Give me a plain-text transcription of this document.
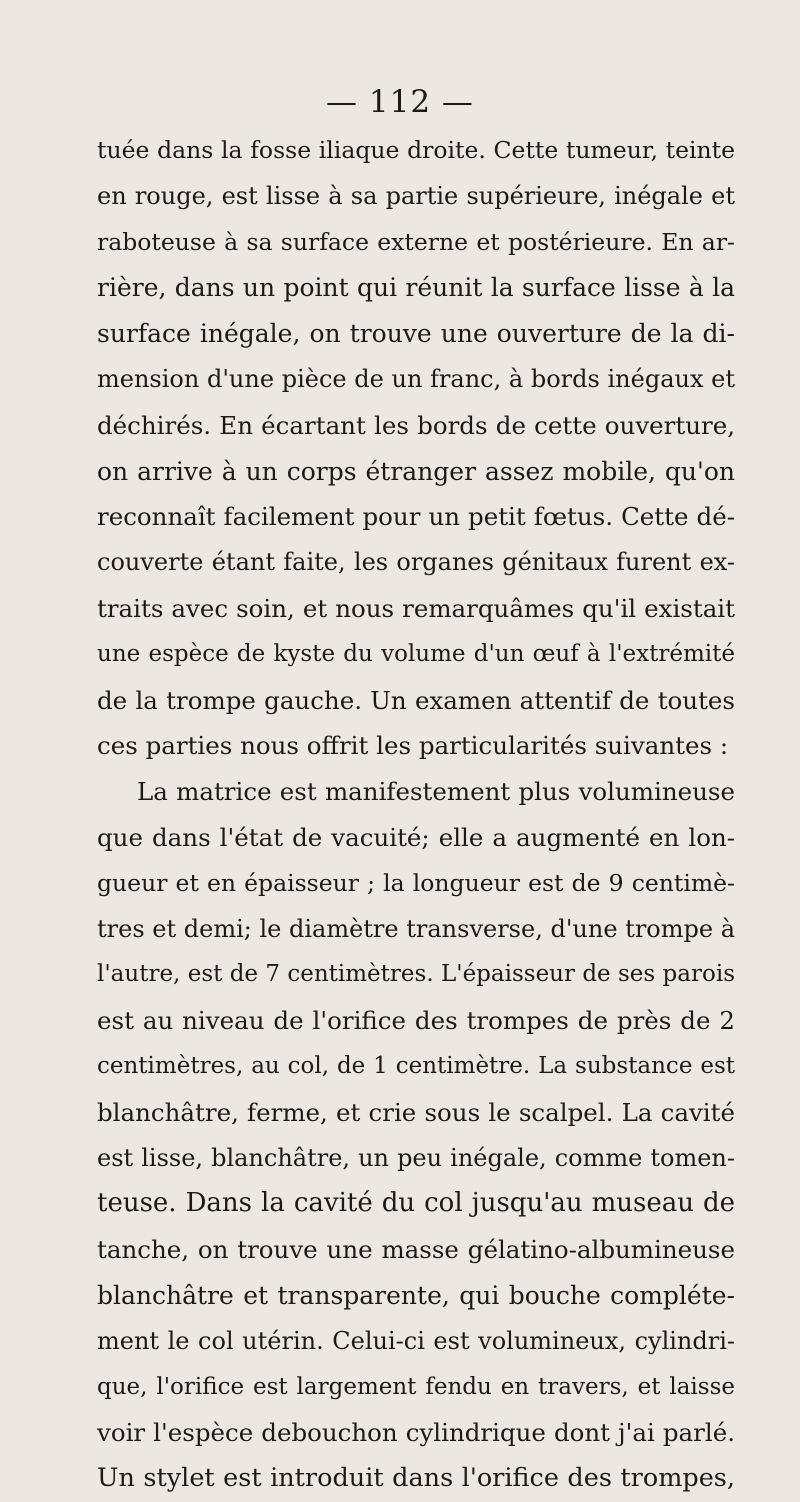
— 112 —
tuée dans la fosse iliaque droite. Cette tumeur, teinte
en rouge, est lisse à sa partie supérieure, inégale et
raboteuse à sa surface externe et postérieure. En ar-
rière, dans un point qui réunit la surface lisse à la
surface inégale, on trouve une ouverture de la di-
mension d'une pièce de un franc, à bords inégaux et
déchirés. En écartant les bords de cette ouverture,
on arrive à un corps étranger assez mobile, qu'on
reconnaît facilement pour un petit fœtus. Cette dé-
couverte étant faite, les organes génitaux furent ex-
traits avec soin, et nous remarquâmes qu'il existait
une espèce de kyste du volume d'un œuf à l'extrémité
de la trompe gauche. Un examen attentif de toutes
ces parties nous offrit les particularités suivantes :
La matrice est manifestement plus volumineuse
que dans l'état de vacuité; elle a augmenté en lon-
gueur et en épaisseur ; la longueur est de 9 centimè-
tres et demi; le diamètre transverse, d'une trompe à
l'autre, est de 7 centimètres. L'épaisseur de ses parois
est au niveau de l'orifice des trompes de près de 2
centimètres, au col, de 1 centimètre. La substance est
blanchâtre, ferme, et crie sous le scalpel. La cavité
est lisse, blanchâtre, un peu inégale, comme tomen-
teuse. Dans la cavité du col jusqu'au museau de
tanche, on trouve une masse gélatino-albumineuse
blanchâtre et transparente, qui bouche compléte-
ment le col utérin. Celui-ci est volumineux, cylindri-
que, l'orifice est largement fendu en travers, et laisse
voir l'espèce debouchon cylindrique dont j'ai parlé.
Un stylet est introduit dans l'orifice des trompes,
